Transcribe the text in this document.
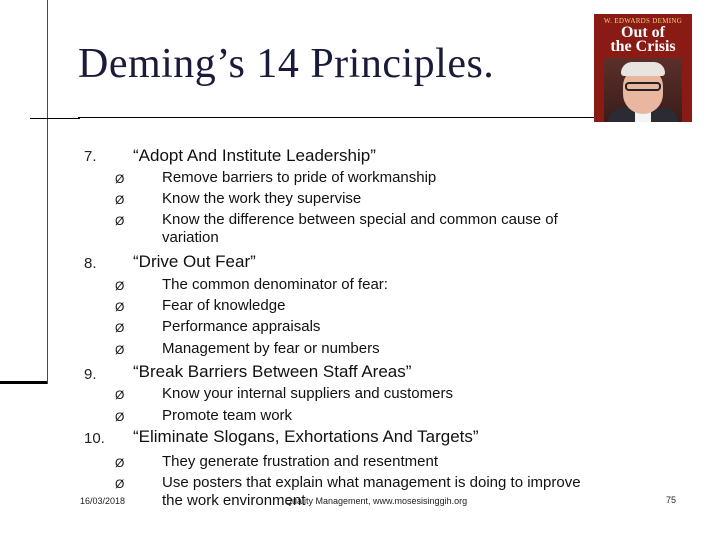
Deming’s 14 Principles.
W. EDWARDS DEMING
Out of
the Crisis
7. “Adopt And Institute Leadership”
Ø	Remove barriers to pride of workmanship
Ø	Know the work they supervise
Ø	Know the difference between special and common cause of
variation
8. “Drive Out Fear”
Ø	The common denominator of fear:
Ø	Fear of knowledge
Ø	Performance appraisals
Ø	Management by fear or numbers
9. “Break Barriers Between Staff Areas”
Ø	Know your internal suppliers and customers
Ø	Promote team work
10. “Eliminate Slogans, Exhortations And Targets”
Ø	They generate frustration and resentment
Ø	Use posters that explain what management is doing to improve
the work environment
16/03/2018	Quality Management, www.mosesisinggih.org	75
